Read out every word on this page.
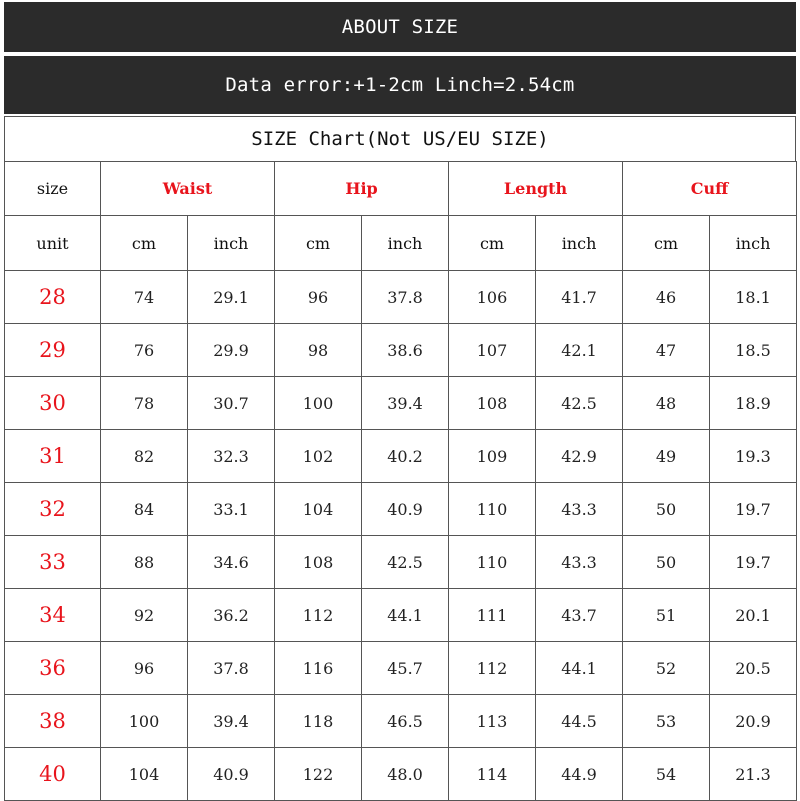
ABOUT SIZE
Data error:+1-2cm Linch=2.54cm
SIZE Chart(Not US/EU SIZE)
size	Waist		Hip		Length		Cuff	
unit	cm	inch	cm	inch	cm	inch	cm	inch
28	74	29.1	96	37.8	106	41.7	46	18.1
29	76	29.9	98	38.6	107	42.1	47	18.5
30	78	30.7	100	39.4	108	42.5	48	18.9
31	82	32.3	102	40.2	109	42.9	49	19.3
32	84	33.1	104	40.9	110	43.3	50	19.7
33	88	34.6	108	42.5	110	43.3	50	19.7
34	92	36.2	112	44.1	111	43.7	51	20.1
36	96	37.8	116	45.7	112	44.1	52	20.5
38	100	39.4	118	46.5	113	44.5	53	20.9
40	104	40.9	122	48.0	114	44.9	54	21.3
